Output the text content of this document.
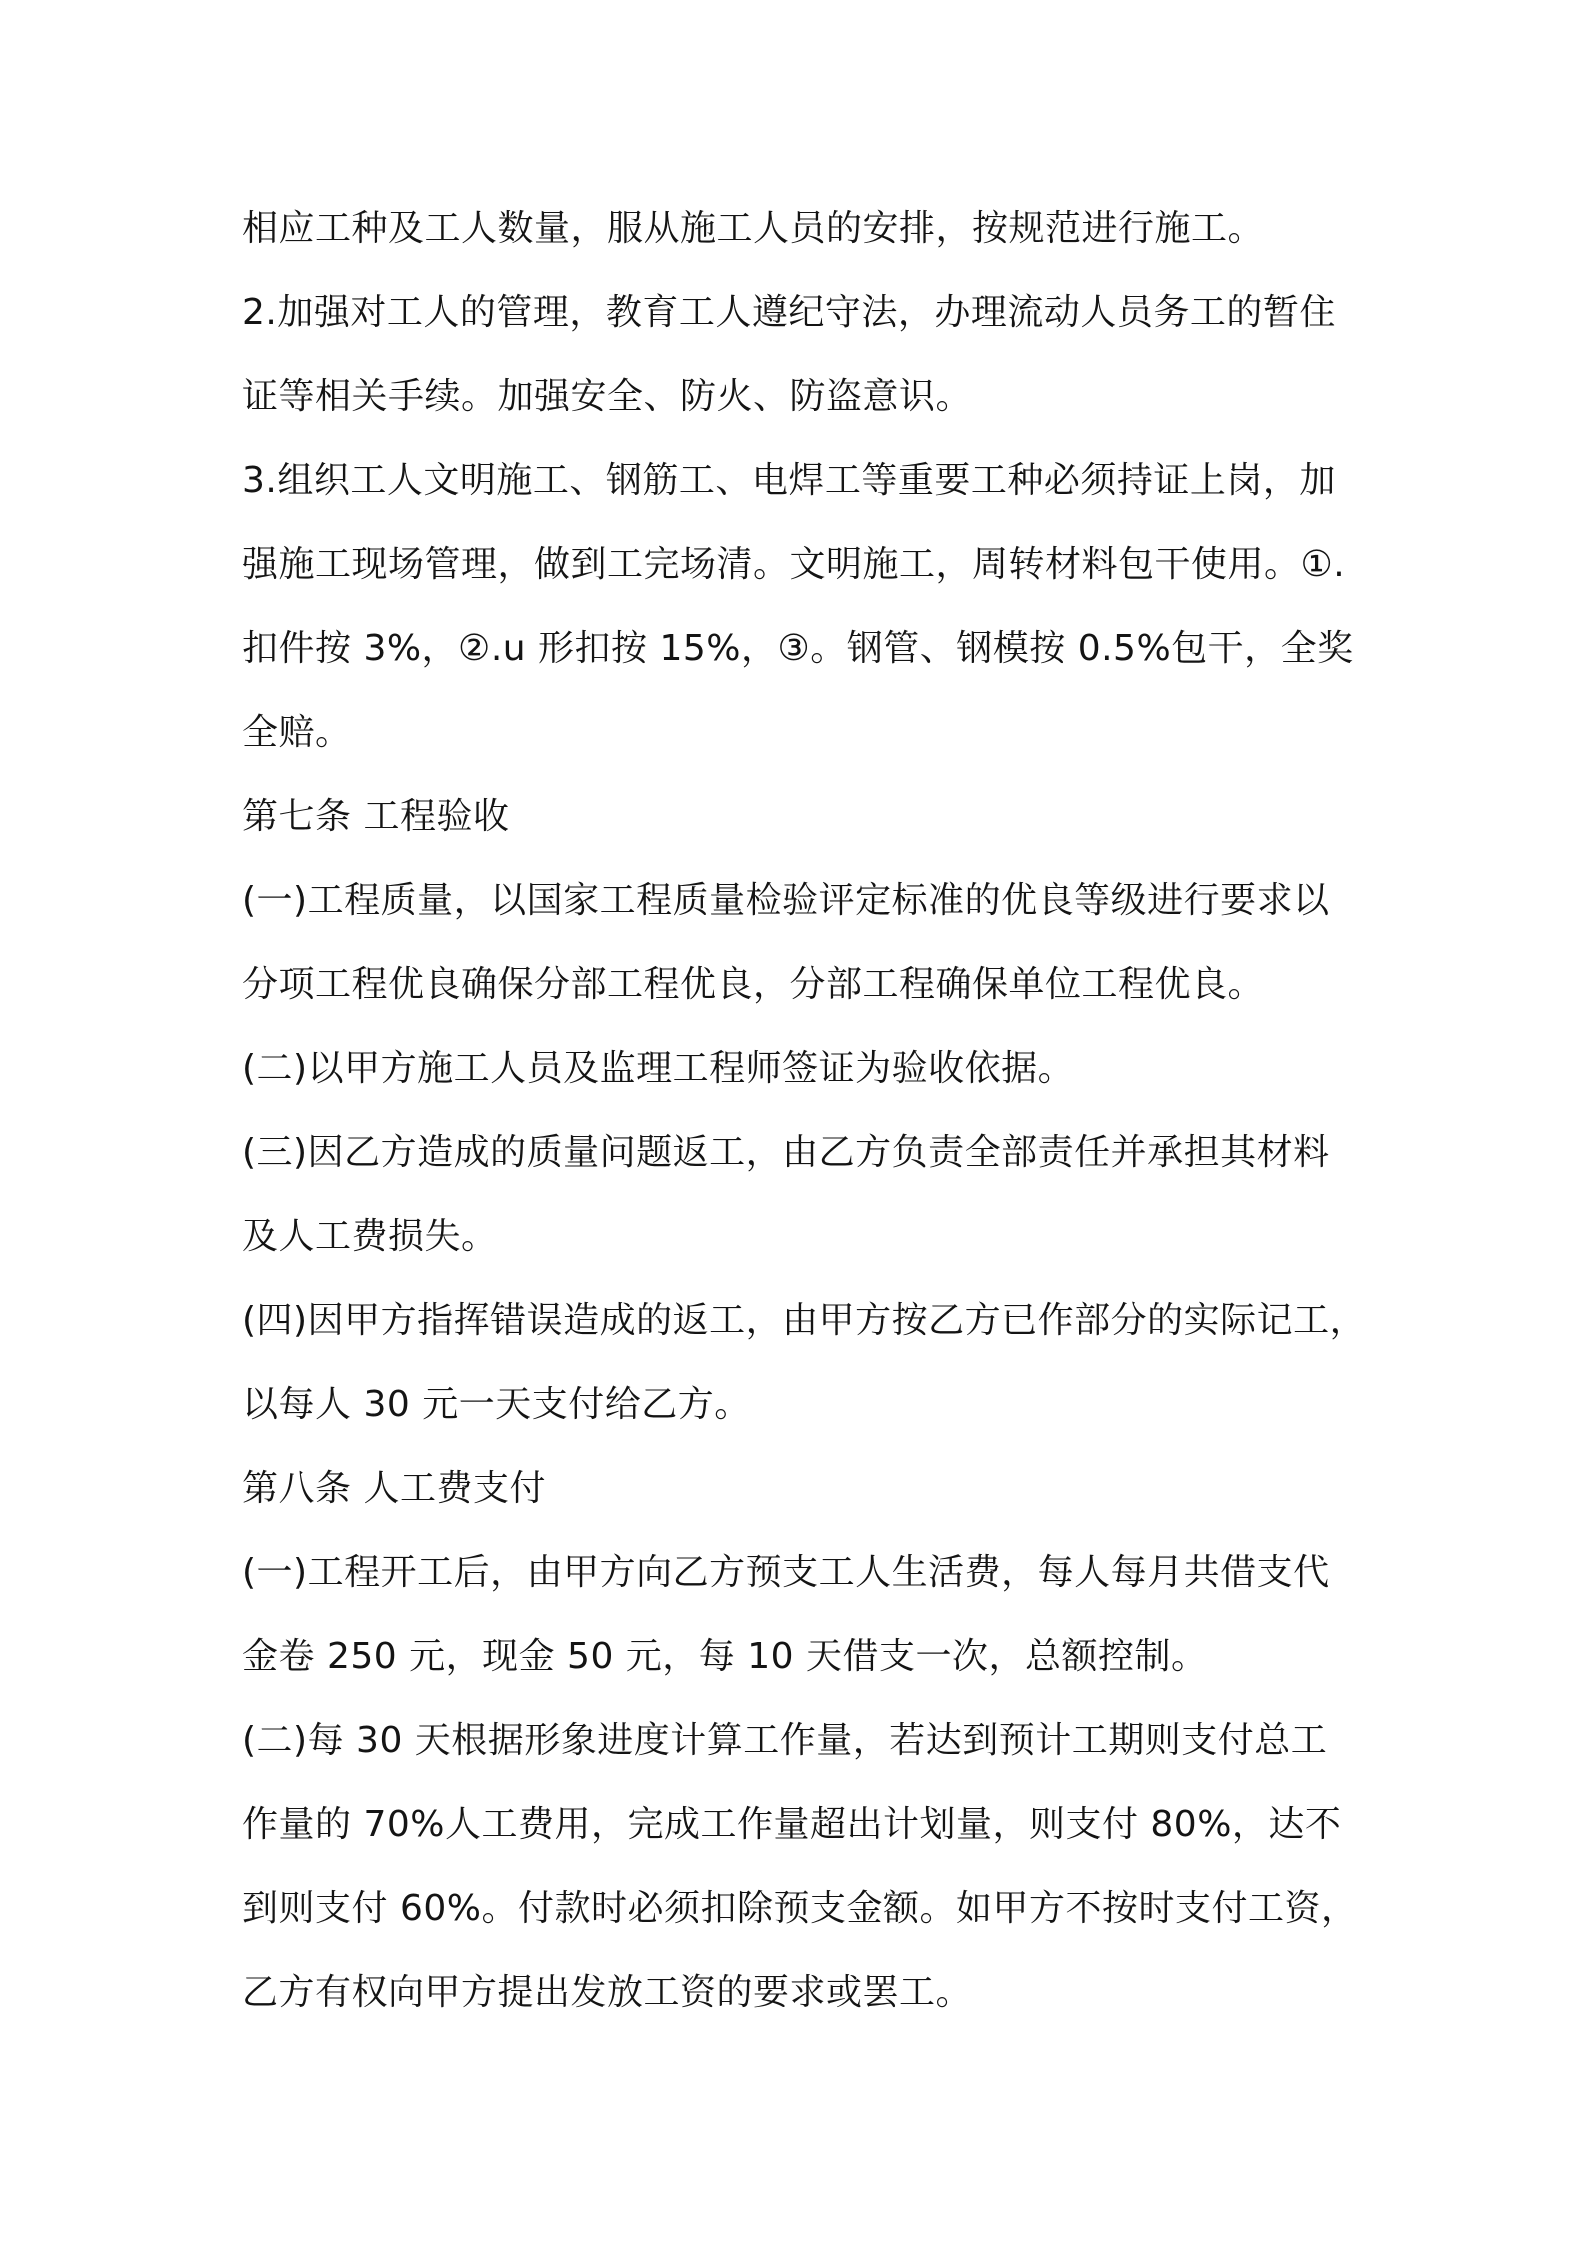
相应工种及工人数量，服从施工人员的安排，按规范进行施工。
2.加强对工人的管理，教育工人遵纪守法，办理流动人员务工的暂住
证等相关手续。加强安全、防火、防盗意识。
3.组织工人文明施工、钢筋工、电焊工等重要工种必须持证上岗，加
强施工现场管理，做到工完场清。文明施工，周转材料包干使用。①.
扣件按 3%，②.u 形扣按 15%，③。钢管、钢模按 0.5%包干，全奖
全赔。
第七条 工程验收
(一)工程质量，以国家工程质量检验评定标准的优良等级进行要求以
分项工程优良确保分部工程优良，分部工程确保单位工程优良。
(二)以甲方施工人员及监理工程师签证为验收依据。
(三)因乙方造成的质量问题返工，由乙方负责全部责任并承担其材料
及人工费损失。
(四)因甲方指挥错误造成的返工，由甲方按乙方已作部分的实际记工，
以每人 30 元一天支付给乙方。
第八条 人工费支付
(一)工程开工后，由甲方向乙方预支工人生活费，每人每月共借支代
金卷 250 元，现金 50 元，每 10 天借支一次，总额控制。
(二)每 30 天根据形象进度计算工作量，若达到预计工期则支付总工
作量的 70%人工费用，完成工作量超出计划量，则支付 80%，达不
到则支付 60%。付款时必须扣除预支金额。如甲方不按时支付工资，
乙方有权向甲方提出发放工资的要求或罢工。
